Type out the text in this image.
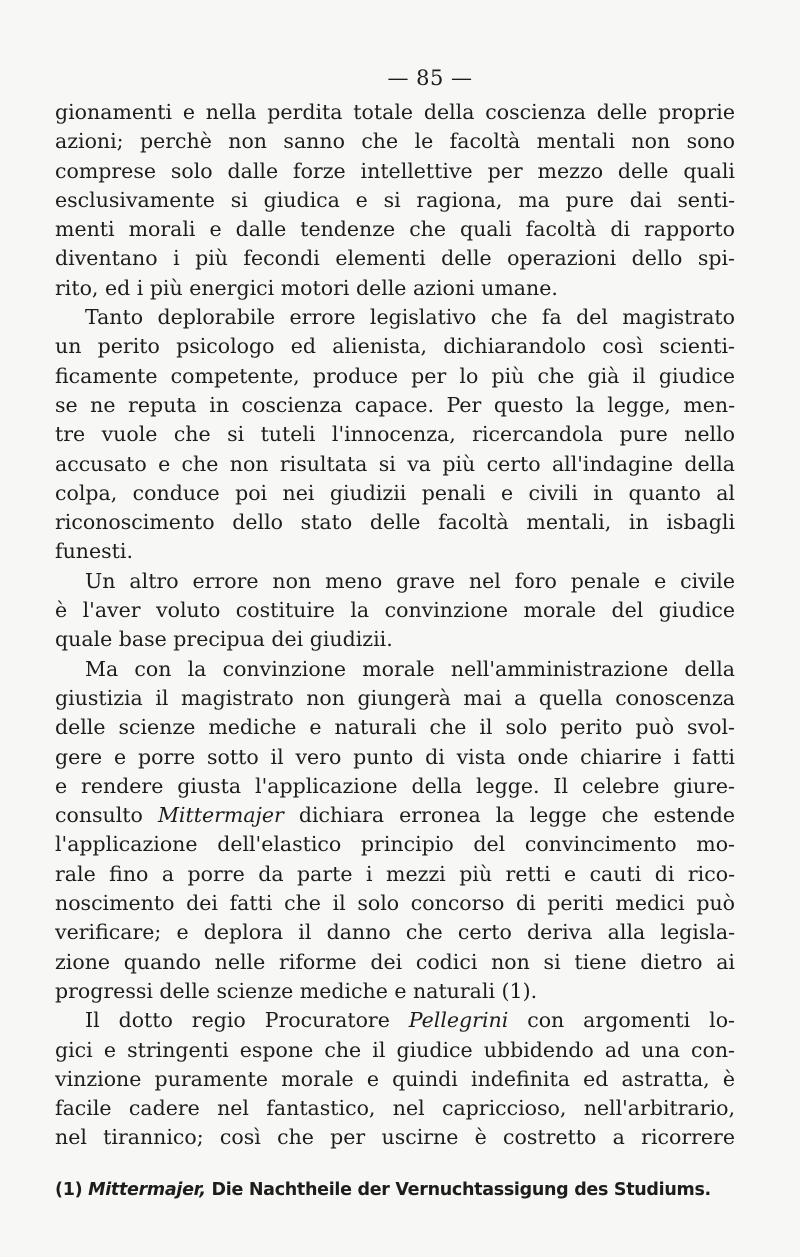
— 85 —
gionamenti e nella perdita totale della coscienza delle proprie
azioni; perchè non sanno che le facoltà mentali non sono
comprese solo dalle forze intellettive per mezzo delle quali
esclusivamente si giudica e si ragiona, ma pure dai senti-
menti morali e dalle tendenze che quali facoltà di rapporto
diventano i più fecondi elementi delle operazioni dello spi-
rito, ed i più energici motori delle azioni umane.
Tanto deplorabile errore legislativo che fa del magistrato
un perito psicologo ed alienista, dichiarandolo così scienti-
ficamente competente, produce per lo più che già il giudice
se ne reputa in coscienza capace. Per questo la legge, men-
tre vuole che si tuteli l'innocenza, ricercandola pure nello
accusato e che non risultata si va più certo all'indagine della
colpa, conduce poi nei giudizii penali e civili in quanto al
riconoscimento dello stato delle facoltà mentali, in isbagli
funesti.
Un altro errore non meno grave nel foro penale e civile
è l'aver voluto costituire la convinzione morale del giudice
quale base precipua dei giudizii.
Ma con la convinzione morale nell'amministrazione della
giustizia il magistrato non giungerà mai a quella conoscenza
delle scienze mediche e naturali che il solo perito può svol-
gere e porre sotto il vero punto di vista onde chiarire i fatti
e rendere giusta l'applicazione della legge. Il celebre giure-
consulto Mittermajer dichiara erronea la legge che estende
l'applicazione dell'elastico principio del convincimento mo-
rale fino a porre da parte i mezzi più retti e cauti di rico-
noscimento dei fatti che il solo concorso di periti medici può
verificare; e deplora il danno che certo deriva alla legisla-
zione quando nelle riforme dei codici non si tiene dietro ai
progressi delle scienze mediche e naturali (1).
Il dotto regio Procuratore Pellegrini con argomenti lo-
gici e stringenti espone che il giudice ubbidendo ad una con-
vinzione puramente morale e quindi indefinita ed astratta, è
facile cadere nel fantastico, nel capriccioso, nell'arbitrario,
nel tirannico; così che per uscirne è costretto a ricorrere
(1) Mittermajer, Die Nachtheile der Vernuchtassigung des Studiums.
